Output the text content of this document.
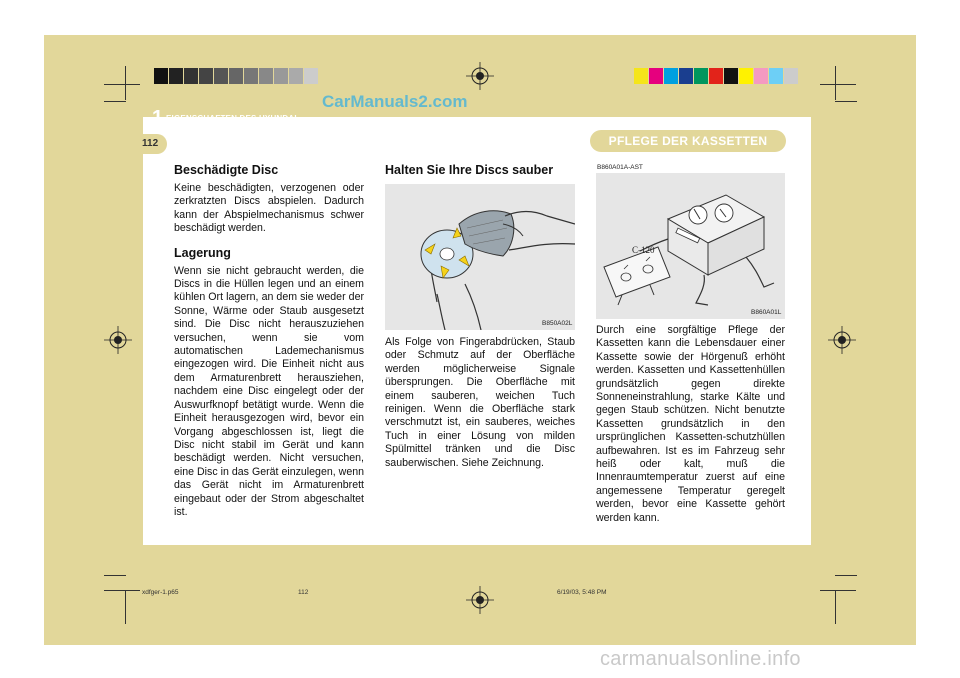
1 EIGENSCHAFTEN DES HYUNDAI
CarManuals2.com
112	PFLEGE DER KASSETTEN
Beschädigte Disc

Keine beschädigten, verzogenen oder zerkratzten Discs abspielen. Dadurch kann der Abspielmechanismus schwer beschädigt werden.

Lagerung

Wenn sie nicht gebraucht werden, die Discs in die Hüllen legen und an einem kühlen Ort lagern, an dem sie weder der Sonne, Wärme oder Staub ausgesetzt sind. Die Disc nicht herauszuziehen versuchen, wenn sie vom automatischen Lademechanismus eingezogen wird. Die Einheit nicht aus dem Armaturenbrett herausziehen, nachdem eine Disc eingelegt oder der Auswurfknopf betätigt wurde. Wenn die Einheit herausgezogen wird, bevor ein Vorgang abgeschlossen ist, liegt die Disc nicht stabil im Gerät und kann beschädigt werden. Nicht versuchen, eine Disc in das Gerät einzulegen, wenn das Gerät nicht im Armaturenbrett eingebaut oder der Strom abgeschaltet ist.

Halten Sie Ihre Discs sauber
B850A02L

Als Folge von Fingerabdrücken, Staub oder Schmutz auf der Oberfläche werden möglicherweise Signale übersprungen. Die Oberfläche mit einem sauberen, weichen Tuch reinigen. Wenn die Oberfläche stark verschmutzt ist, ein sauberes, weiches Tuch in einer Lösung von milden Spülmittel tränken und die Disc sauberwischen. Siehe Zeichnung.

B860A01A-AST
C-120
B860A01L

Durch eine sorgfältige Pflege der Kassetten kann die Lebensdauer einer Kassette sowie der Hörgenuß erhöht werden. Kassetten und Kassettenhüllen grundsätzlich gegen direkte Sonneneinstrahlung, starke Kälte und gegen Staub schützen. Nicht benutzte Kassetten grundsätzlich in den ursprünglichen Kassetten-schutzhüllen aufbewahren. Ist es im Fahrzeug sehr heiß oder kalt, muß die Innenraumtemperatur zuerst auf eine angemessene Temperatur geregelt werden, bevor eine Kassette gehört werden kann.

xdfger-1.p65	112	6/19/03, 5:48 PM
carmanualsonline.info
